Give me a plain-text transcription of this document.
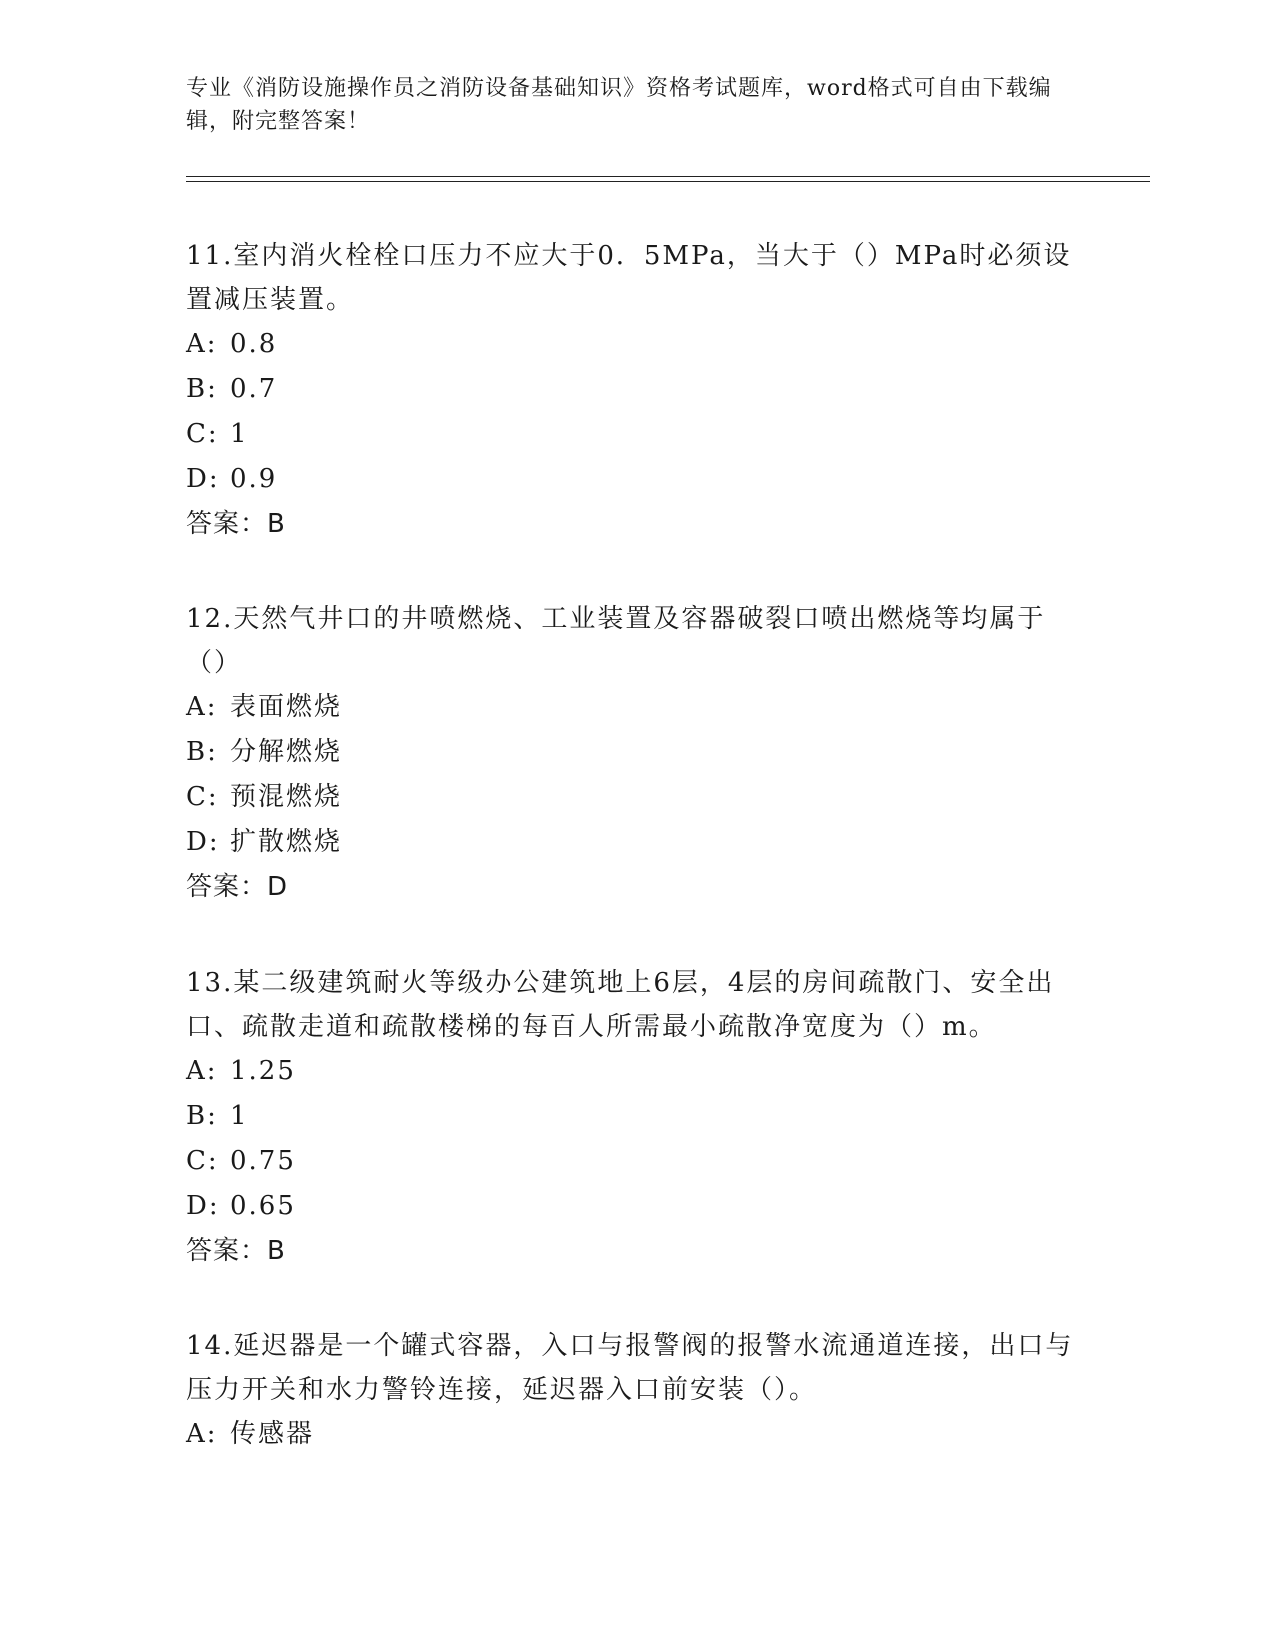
专业《消防设施操作员之消防设备基础知识》资格考试题库，word格式可自由下载编辑，附完整答案！

11.室内消火栓栓口压力不应大于0．5MPa，当大于（）MPa时必须设置减压装置。

A: 0.8

B: 0.7

C: 1

D: 0.9

答案：B

12.天然气井口的井喷燃烧、工业装置及容器破裂口喷出燃烧等均属于（）

A: 表面燃烧

B: 分解燃烧

C: 预混燃烧

D: 扩散燃烧

答案：D

13.某二级建筑耐火等级办公建筑地上6层，4层的房间疏散门、安全出口、疏散走道和疏散楼梯的每百人所需最小疏散净宽度为（）m。

A: 1.25

B: 1

C: 0.75

D: 0.65

答案：B

14.延迟器是一个罐式容器，入口与报警阀的报警水流通道连接，出口与压力开关和水力警铃连接，延迟器入口前安装（）。

A: 传感器
